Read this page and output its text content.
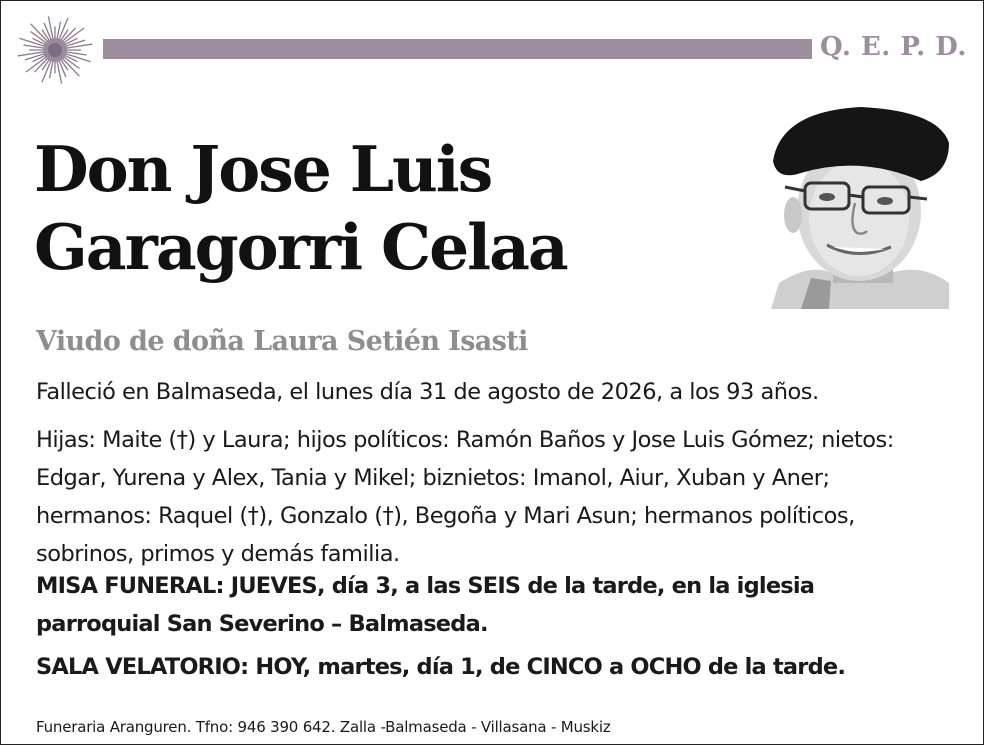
Q. E. P. D.
Don Jose Luis
Garagorri Celaa
Viudo de doña Laura Setién Isasti
Falleció en Balmaseda, el lunes día 31 de agosto de 2026, a los 93 años.
Hijas: Maite (†) y Laura; hijos políticos: Ramón Baños y Jose Luis Gómez; nietos: Edgar, Yurena y Alex, Tania y Mikel; biznietos: Imanol, Aiur, Xuban y Aner; hermanos: Raquel (†), Gonzalo (†), Begoña y Mari Asun; hermanos políticos, sobrinos, primos y demás familia.
MISA FUNERAL: JUEVES, día 3, a las SEIS de la tarde, en la iglesia parroquial San Severino – Balmaseda.
SALA VELATORIO: HOY, martes, día 1, de CINCO a OCHO de la tarde.
Funeraria Aranguren. Tfno: 946 390 642. Zalla -Balmaseda - Villasana - Muskiz
